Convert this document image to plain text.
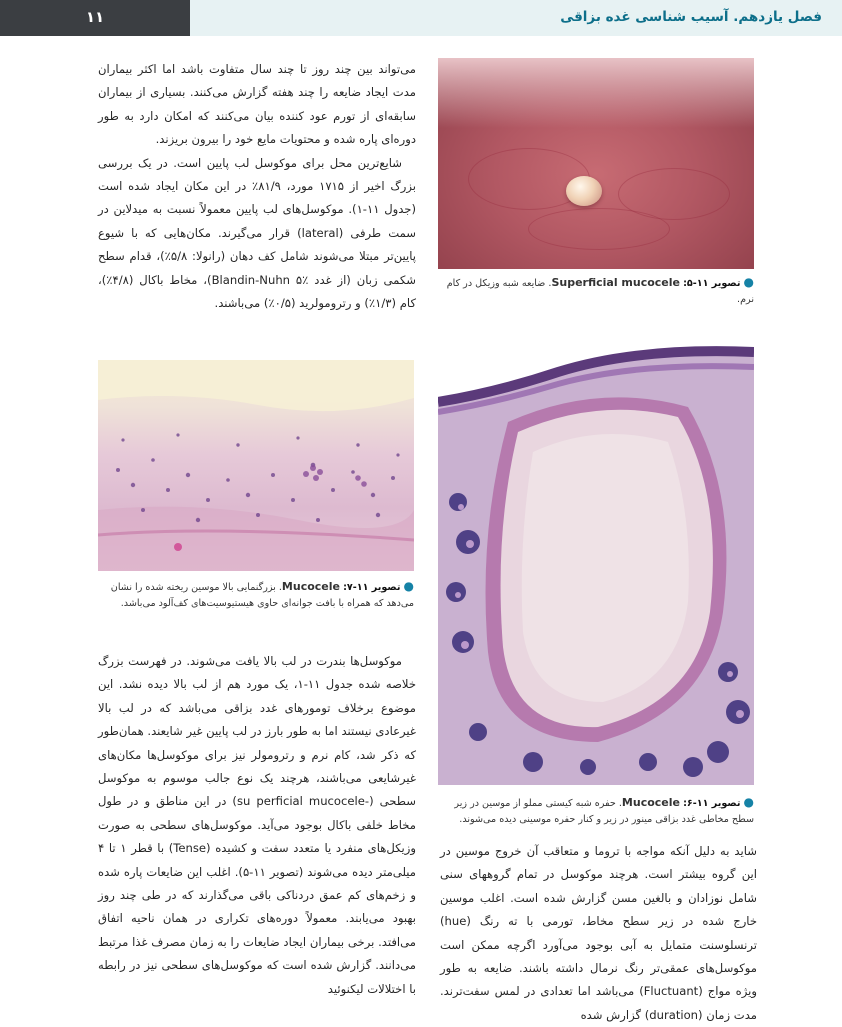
۱۱	فصل یازدهم. آسیب شناسی غده بزاقی

می‌تواند بین چند روز تا چند سال متفاوت باشد اما اکثر بیماران مدت ایجاد ضایعه را چند هفته گزارش می‌کنند. بسیاری از بیماران سابقه‌ای از تورم عود کننده بیان می‌کنند که امکان دارد به طور دوره‌ای پاره شده و محتویات مایع خود را بیرون بریزند.

شایع‌ترین محل برای موکوسل لب پایین است. در یک بررسی بزرگ اخیر از ۱۷۱۵ مورد، ۸۱/۹٪ در این مکان ایجاد شده است (جدول ۱۱-۱). موکوسل‌های لب پایین معمولاً نسبت به میدلاین در سمت طرفی (lateral) قرار می‌گیرند. مکان‌هایی که با شیوع پایین‌تر مبتلا می‌شوند شامل کف دهان (رانولا: ۵/۸٪)، قدام سطح شکمی زبان (از غدد Blandin-Nuhn ۵٪)، مخاط باکال (۴/۸٪)، کام (۱/۳٪) و رترومولرید (۰/۵٪) می‌باشند.

● تصویر ۱۱-۵: Superficial mucocele. ضایعه شبه وزیکل در کام نرم.

● تصویر ۱۱-۷: Mucocele. بزرگنمایی بالا موسین ریخته شده را نشان می‌دهد که همراه با بافت جوانه‌ای حاوی هیستیوسیت‌های کف‌آلود می‌باشد.

● تصویر ۱۱-۶: Mucocele. حفره شبه کیستی مملو از موسین در زیر سطح مخاطی غدد بزاقی مینور در زیر و کنار حفره موسینی دیده می‌شوند.

موکوسل‌ها بندرت در لب بالا یافت می‌شوند. در فهرست بزرگ خلاصه شده جدول ۱۱-۱، یک مورد هم از لب بالا دیده نشد. این موضوع برخلاف تومورهای غدد بزاقی می‌باشد که در لب بالا غیرعادی نیستند اما به طور بارز در لب پایین غیر شایعند. همان‌طور که ذکر شد، کام نرم و رترومولر نیز برای موکوسل‌ها مکان‌های غیرشایعی می‌باشند، هرچند یک نوع جالب موسوم به موکوسل سطحی (-su perficial mucocele) در این مناطق و در طول مخاط خلفی باکال بوجود می‌آید. موکوسل‌های سطحی به صورت وزیکل‌های منفرد یا متعدد سفت و کشیده (Tense) با قطر ۱ تا ۴ میلی‌متر دیده می‌شوند (تصویر ۱۱-۵). اغلب این ضایعات پاره شده و زخم‌های کم عمق دردناکی باقی می‌گذارند که در طی چند روز بهبود می‌یابند. معمولاً دوره‌های تکراری در همان ناحیه اتفاق می‌افتد. برخی بیماران ایجاد ضایعات را به زمان مصرف غذا مرتبط می‌دانند. گزارش شده است که موکوسل‌های سطحی نیز در رابطه با اختلالات لیکنوئید

شاید به دلیل آنکه مواجه با تروما و متعاقب آن خروج موسین در این گروه بیشتر است. هرچند موکوسل در تمام گروههای سنی شامل نوزادان و بالغین مسن گزارش شده است. اغلب موسین خارج شده در زیر سطح مخاط، تورمی با ته رنگ (hue) ترنسلوسنت متمایل به آبی بوجود می‌آورد اگرچه ممکن است موکوسل‌های عمقی‌تر رنگ نرمال داشته باشند. ضایعه به طور ویژه مواج (Fluctuant) می‌باشد اما تعدادی در لمس سفت‌ترند. مدت زمان (duration) گزارش شده
